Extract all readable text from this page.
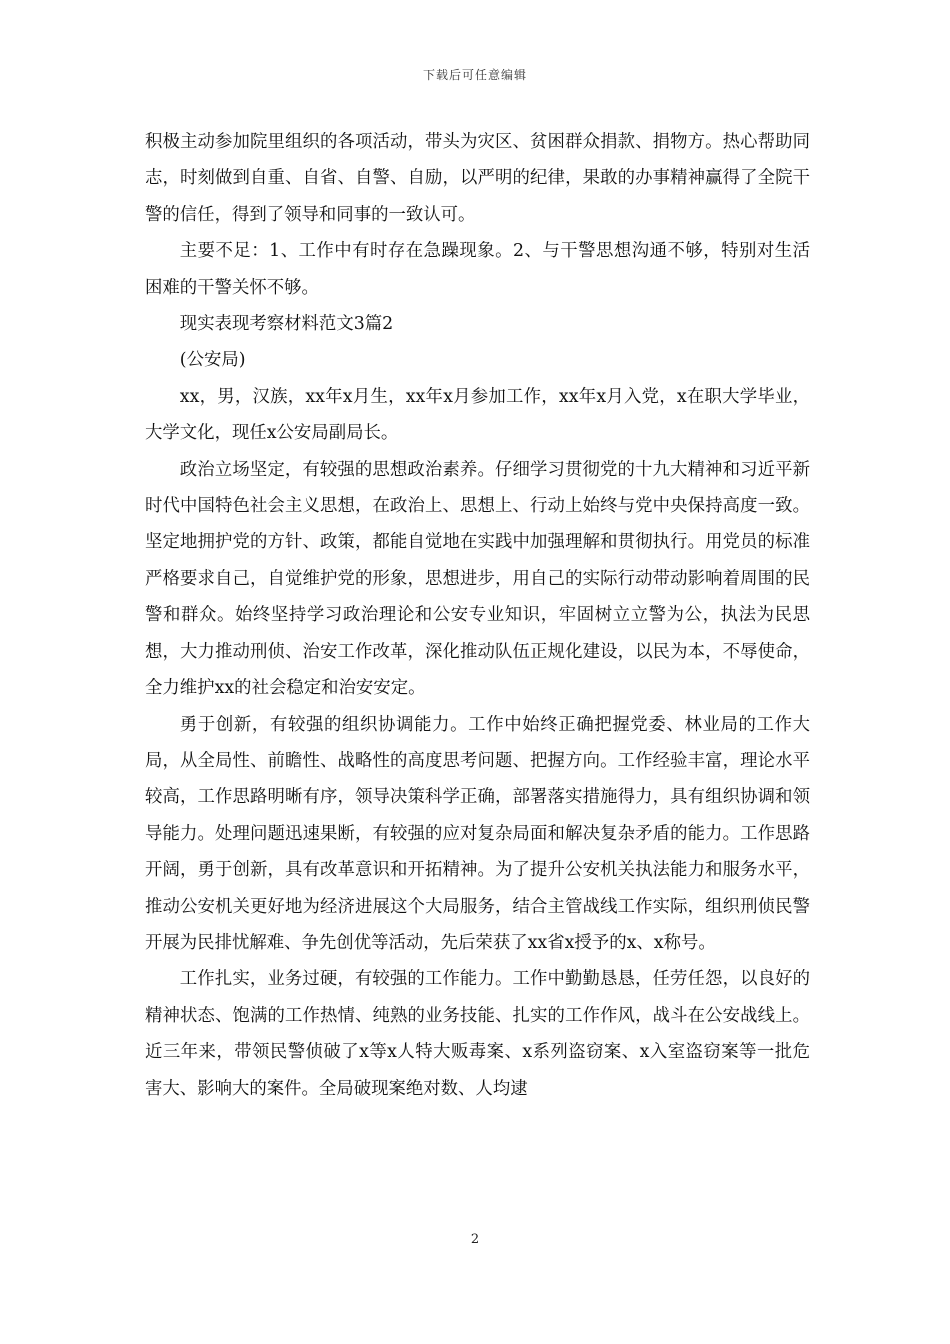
下载后可任意编辑

积极主动参加院里组织的各项活动，带头为灾区、贫困群众捐款、捐物方。热心帮助同志，时刻做到自重、自省、自警、自励，以严明的纪律，果敢的办事精神赢得了全院干警的信任，得到了领导和同事的一致认可。

主要不足：1、工作中有时存在急躁现象。2、与干警思想沟通不够，特别对生活困难的干警关怀不够。

现实表现考察材料范文3篇2

(公安局)

xx，男，汉族，xx年x月生，xx年x月参加工作，xx年x月入党，x在职大学毕业，大学文化，现任x公安局副局长。

政治立场坚定，有较强的思想政治素养。仔细学习贯彻党的十九大精神和习近平新时代中国特色社会主义思想，在政治上、思想上、行动上始终与党中央保持高度一致。坚定地拥护党的方针、政策，都能自觉地在实践中加强理解和贯彻执行。用党员的标准严格要求自己，自觉维护党的形象，思想进步，用自己的实际行动带动影响着周围的民警和群众。始终坚持学习政治理论和公安专业知识，牢固树立立警为公，执法为民思想，大力推动刑侦、治安工作改革，深化推动队伍正规化建设，以民为本，不辱使命，全力维护xx的社会稳定和治安安定。

勇于创新，有较强的组织协调能力。工作中始终正确把握党委、林业局的工作大局，从全局性、前瞻性、战略性的高度思考问题、把握方向。工作经验丰富，理论水平较高，工作思路明晰有序，领导决策科学正确，部署落实措施得力，具有组织协调和领导能力。处理问题迅速果断，有较强的应对复杂局面和解决复杂矛盾的能力。工作思路开阔，勇于创新，具有改革意识和开拓精神。为了提升公安机关执法能力和服务水平，推动公安机关更好地为经济进展这个大局服务，结合主管战线工作实际，组织刑侦民警开展为民排忧解难、争先创优等活动，先后荣获了xx省x授予的x、x称号。

工作扎实，业务过硬，有较强的工作能力。工作中勤勤恳恳，任劳任怨，以良好的精神状态、饱满的工作热情、纯熟的业务技能、扎实的工作作风，战斗在公安战线上。近三年来，带领民警侦破了x等x人特大贩毒案、x系列盗窃案、x入室盗窃案等一批危害大、影响大的案件。全局破现案绝对数、人均逮

2
